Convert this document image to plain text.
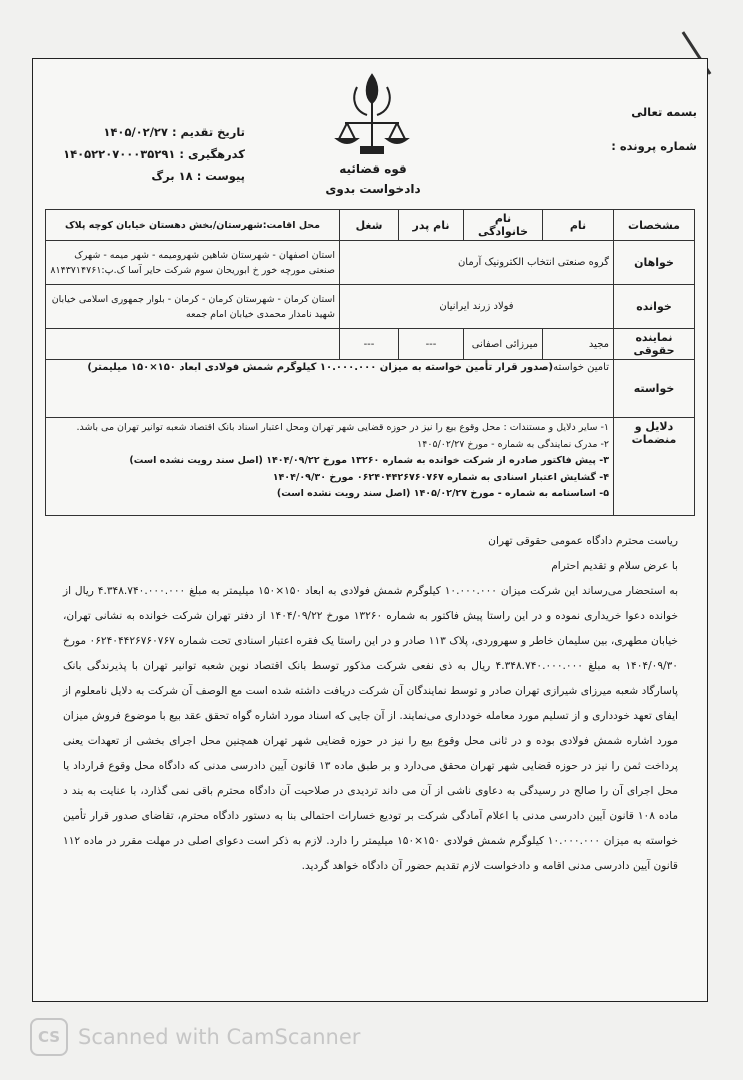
بسمه تعالی
شماره پرونده :
قوه قضائیه
دادخواست بدوی
تاریخ تقدیم : ۱۴۰۵/۰۲/۲۷
کدرهگیری : ۱۴۰۵۲۲۰۷۰۰۰۳۵۲۹۱
پیوست : ۱۸ برگ
مشخصات	نام	نام خانوادگی	نام پدر	شغل	محل اقامت:شهرستان/بخش دهستان خیابان کوچه پلاک
خواهان	گروه صنعتی انتخاب الکترونیک آرمان				استان اصفهان - شهرستان شاهین شهرومیمه - شهر میمه - شهرک صنعتی مورچه خور خ ابوریحان سوم شرکت حایر آسا ک.پ:۸۱۴۳۷۱۴۷۶۱
خوانده	فولاد زرند ایرانیان				استان کرمان - شهرستان کرمان - کرمان - بلوار جمهوری اسلامی خیابان شهید نامدار محمدی خیابان امام جمعه
نماینده حقوقی	مجید	میرزائی اصفانی	---	---	
خواسته	تامین خواسته(صدور قرار تأمین خواسته به میزان ۱۰.۰۰۰.۰۰۰ کیلوگرم شمش فولادی ابعاد ۱۵۰×۱۵۰ میلیمتر)				
دلایل و منضمات	۱- سایر دلایل و مستندات : محل وقوع بیع را نیز در حوزه قضایی شهر تهران ومحل اعتبار اسناد بانک اقتصاد شعبه توانیر تهران می باشد.
۲- مدرک نمایندگی به شماره - مورخ ۱۴۰۵/۰۲/۲۷
۳- پیش فاکتور صادره از شرکت خوانده به شماره ۱۳۲۶۰ مورخ ۱۴۰۴/۰۹/۲۲ (اصل سند رویت نشده است)
۴- گشایش اعتبار اسنادی به شماره ۰۶۲۴۰۴۴۲۶۷۶۰۷۶۷ مورخ ۱۴۰۴/۰۹/۳۰
۵- اساسنامه به شماره - مورخ ۱۴۰۵/۰۲/۲۷ (اصل سند رویت نشده است)				
ریاست محترم دادگاه عمومی حقوقی تهران
با عرض سلام و تقدیم احترام
به استحضار می‌رساند این شرکت میزان ۱۰.۰۰۰.۰۰۰ کیلوگرم شمش فولادی به ابعاد ۱۵۰×۱۵۰ میلیمتر به مبلغ ۴.۳۴۸.۷۴۰.۰۰۰.۰۰۰ ریال از خوانده دعوا خریداری نموده و در این راستا پیش فاکتور به شماره ۱۳۲۶۰ مورخ ۱۴۰۴/۰۹/۲۲ از دفتر تهران شرکت خوانده به نشانی تهران، خیابان مطهری، بین سلیمان خاطر و سهروردی، پلاک ۱۱۳ صادر و در این راستا یک فقره اعتبار اسنادی تحت شماره ۰۶۲۴۰۴۴۲۶۷۶۰۷۶۷ مورخ ۱۴۰۴/۰۹/۳۰ به مبلغ ۴.۳۴۸.۷۴۰.۰۰۰.۰۰۰ ریال به ذی نفعی شرکت مذکور توسط بانک اقتصاد نوین شعبه توانیر تهران با پذیرندگی بانک پاسارگاد شعبه میرزای شیرازی تهران صادر و توسط نمایندگان آن شرکت دریافت داشته شده است مع الوصف آن شرکت به دلایل نامعلوم از ایفای تعهد خودداری و از تسلیم مورد معامله خودداری می‌نمایند. از آن جایی که اسناد مورد اشاره گواه تحقق عقد بیع با موضوع فروش میزان مورد اشاره شمش فولادی بوده و در ثانی محل وقوع بیع را نیز در حوزه قضایی شهر تهران همچنین محل اجرای بخشی از تعهدات یعنی پرداخت ثمن را نیز در حوزه قضایی شهر تهران محقق می‌دارد و بر طبق ماده ۱۳ قانون آیین دادرسی مدنی که دادگاه محل وقوع قرارداد یا محل اجرای آن را صالح در رسیدگی به دعاوی ناشی از آن می داند تردیدی در صلاحیت آن دادگاه محترم باقی نمی گذارد، با عنایت به بند د ماده ۱۰۸ قانون آیین دادرسی مدنی با اعلام آمادگی شرکت بر تودیع خسارات احتمالی بنا به دستور دادگاه محترم، تقاضای صدور قرار تأمین خواسته به میزان ۱۰.۰۰۰.۰۰۰ کیلوگرم شمش فولادی ۱۵۰×۱۵۰ میلیمتر را دارد. لازم به ذکر است دعوای اصلی در مهلت مقرر در ماده ۱۱۲ قانون آیین دادرسی مدنی اقامه و دادخواست لازم تقدیم حضور آن دادگاه خواهد گردید.
CS Scanned with CamScanner
